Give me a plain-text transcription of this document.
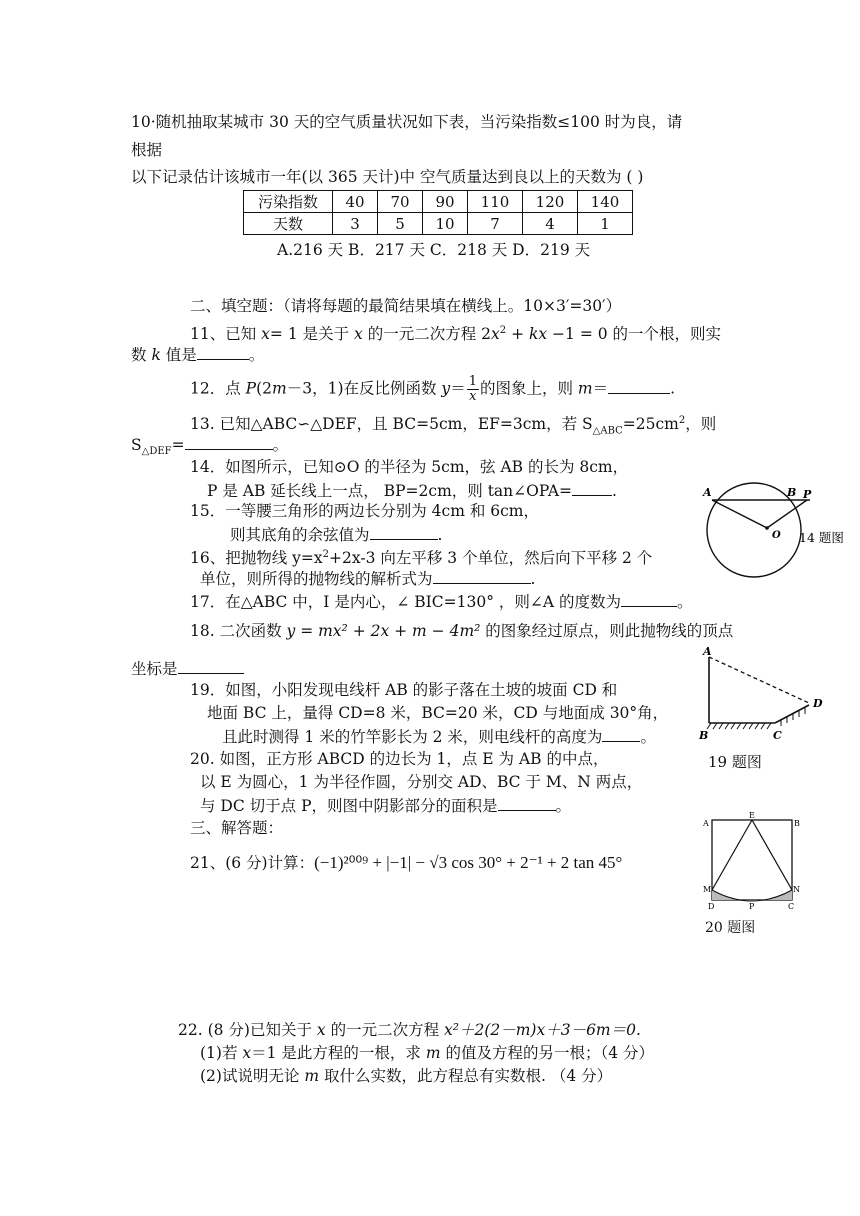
10·随机抽取某城市 30 天的空气质量状况如下表，当污染指数≤100 时为良，请
根据
以下记录估计该城市一年(以 365 天计)中 空气质量达到良以上的天数为 ( )
污染指数	40	70	90	110	120	140
天数	3	5	10	7	4	1
A.216 天 B．217 天 C．218 天 D．219 天
二、填空题：（请将每题的最简结果填在横线上。10×3′=30′）
11、已知 x= 1 是关于 x 的一元二次方程 $2x^2$ + kx −1 = 0 的一个根，则实
数 k 值是	。
12．点 P(2m－3，1)在反比例函数 $y= \frac{1}{x}$ 的图象上，则 m＝	.
13. 已知△ABC∽△DEF，且 BC=5cm，EF=3cm，若 $S_{\triangle ABC}=25cm^2$，则
$S_{\triangle DEF}=$	。
14．如图所示，已知⊙O 的半径为 5cm，弦 AB 的长为 8cm，
P 是 AB 延长线上一点， BP=2cm，则 tan∠OPA=	.
15．一等腰三角形的两边长分别为 4cm 和 6cm，
则其底角的余弦值为	.
16、把抛物线 $y=x^2+2x-3$ 向左平移 3 个单位，然后向下平移 2 个
单位，则所得的抛物线的解析式为	.
17．在△ABC 中，I 是内心，∠ BIC=130° ，则∠A 的度数为	。
18. 二次函数 y = mx² + 2x + m − 4m² 的图象经过原点，则此抛物线的顶点
坐标是
19．如图，小阳发现电线杆 AB 的影子落在土坡的坡面 CD 和
地面 BC 上，量得 CD=8 米，BC=20 米，CD 与地面成 30°角，
且此时测得 1 米的竹竿影长为 2 米，则电线杆的高度为 。
20. 如图，正方形 ABCD 的边长为 1，点 E 为 AB 的中点，
以 E 为圆心，1 为半径作圆，分别交 AD、BC 于 M、N 两点，
与 DC 切于点 P，则图中阴影部分的面积是	。
三、解答题：
21、(6 分)计算：(−1)²⁰⁰⁹ + |−1| − √3 cos 30° + 2⁻¹ + 2 tan 45°
22. (8 分)已知关于 x 的一元二次方程 x²＋2(2－m)x＋3－6m＝0.
(1)若 x＝1 是此方程的一根，求 m 的值及方程的另一根；（4 分）
(2)试说明无论 m 取什么实数，此方程总有实数根. （4 分）
A	B P
O 14 题图
A
B	C
D
19 题图
A
E
B
M	N
D	P	C
20 题图
